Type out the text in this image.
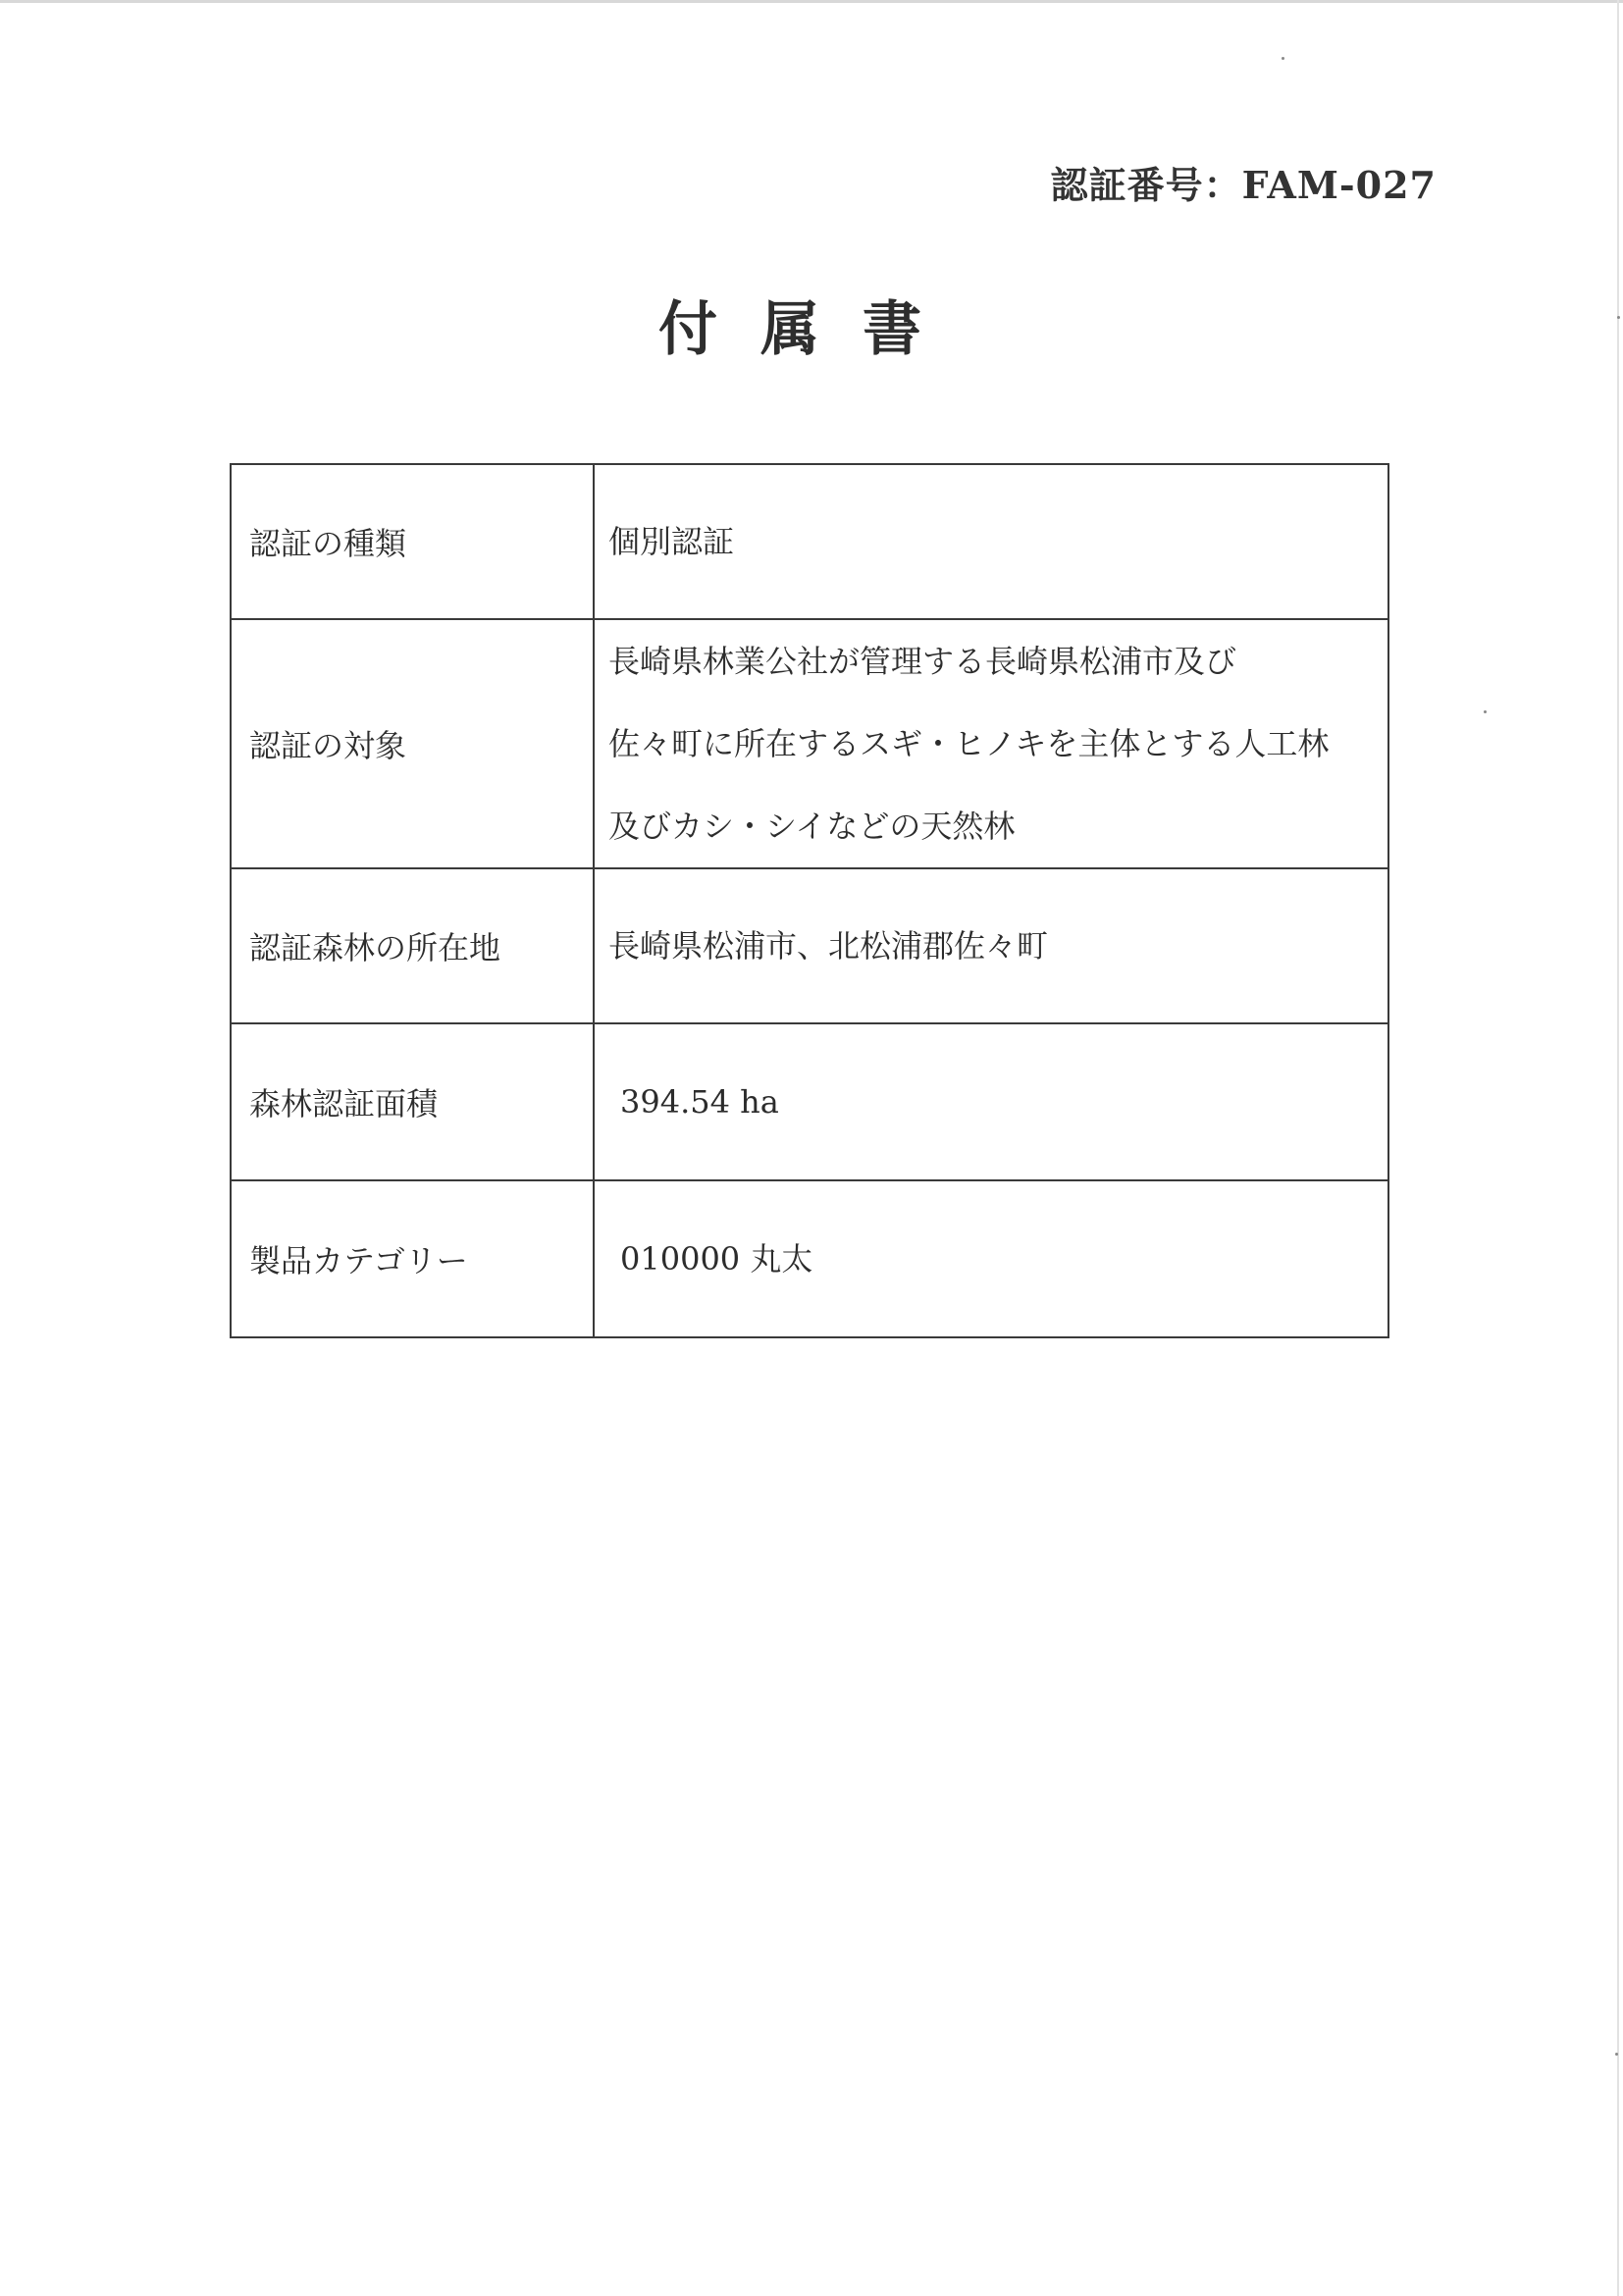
認証番号：FAM-027
付属書
認証の種類	個別認証

認証の対象	長崎県林業公社が管理する長崎県松浦市及び
佐々町に所在するスギ・ヒノキを主体とする人工林
及びカシ・シイなどの天然林

認証森林の所在地	長崎県松浦市、北松浦郡佐々町

森林認証面積	394.54 ha

製品カテゴリー	010000 丸太
